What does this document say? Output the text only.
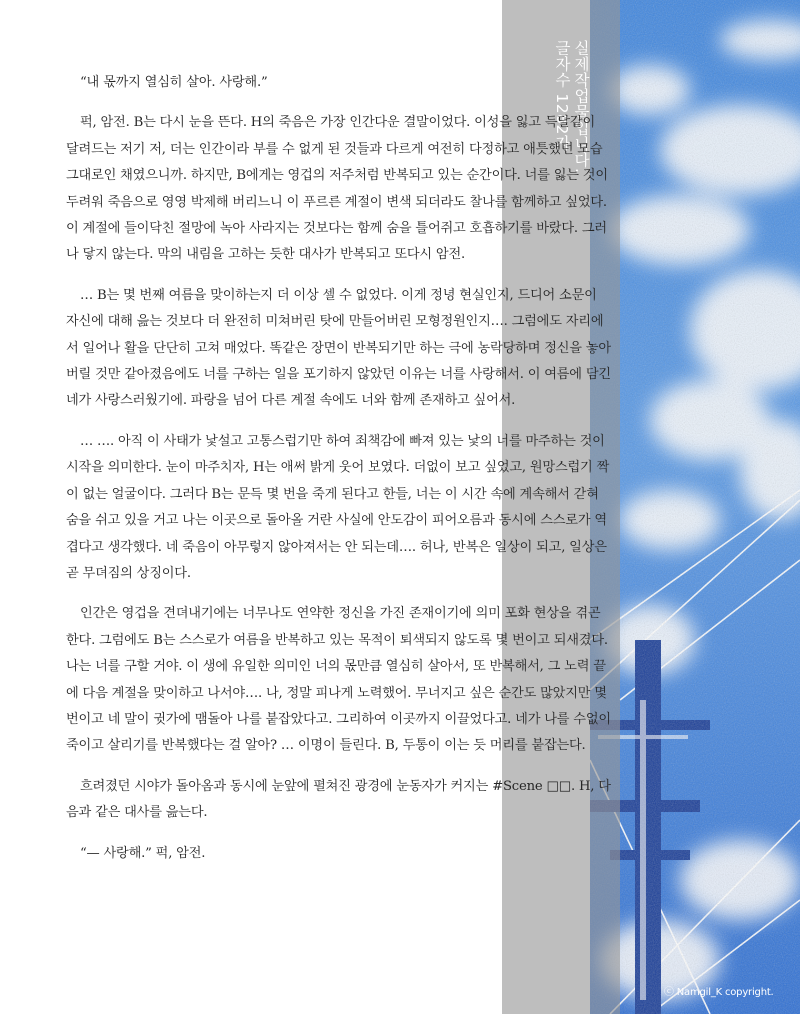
실제작업물입니다.
글자수 1282자

“내 몫까지 열심히 살아. 사랑해.”

퍽, 암전. B는 다시 눈을 뜬다. H의 죽음은 가장 인간다운 결말이었다. 이성을 잃고 득달같이 달려드는 저기 저, 더는 인간이라 부를 수 없게 된 것들과 다르게 여전히 다정하고 애틋했던 모습 그대로인 채였으니까. 하지만, B에게는 영겁의 저주처럼 반복되고 있는 순간이다. 너를 잃는 것이 두려워 죽음으로 영영 박제해 버리느니 이 푸르른 계절이 변색 되더라도 찰나를 함께하고 싶었다. 이 계절에 들이닥친 절망에 녹아 사라지는 것보다는 함께 숨을 틀어쥐고 호흡하기를 바랐다. 그러나 닿지 않는다. 막의 내림을 고하는 듯한 대사가 반복되고 또다시 암전.

… B는 몇 번째 여름을 맞이하는지 더 이상 셀 수 없었다. 이게 정녕 현실인지, 드디어 소문이 자신에 대해 읊는 것보다 더 완전히 미쳐버린 탓에 만들어버린 모형정원인지…. 그럼에도 자리에서 일어나 활을 단단히 고쳐 매었다. 똑같은 장면이 반복되기만 하는 극에 농락당하며 정신을 놓아버릴 것만 같아졌음에도 너를 구하는 일을 포기하지 않았던 이유는 너를 사랑해서. 이 여름에 담긴 네가 사랑스러웠기에. 파랑을 넘어 다른 계절 속에도 너와 함께 존재하고 싶어서.

… …. 아직 이 사태가 낯설고 고통스럽기만 하여 죄책감에 빠져 있는 낯의 너를 마주하는 것이 시작을 의미한다. 눈이 마주치자, H는 애써 밝게 웃어 보였다. 더없이 보고 싶었고, 원망스럽기 짝이 없는 얼굴이다. 그러다 B는 문득 몇 번을 죽게 된다고 한들, 너는 이 시간 속에 계속해서 갇혀 숨을 쉬고 있을 거고 나는 이곳으로 돌아올 거란 사실에 안도감이 피어오름과 동시에 스스로가 역겹다고 생각했다. 네 죽음이 아무렇지 않아져서는 안 되는데…. 허나, 반복은 일상이 되고, 일상은 곧 무뎌짐의 상징이다.

인간은 영겁을 견뎌내기에는 너무나도 연약한 정신을 가진 존재이기에 의미 포화 현상을 겪곤 한다. 그럼에도 B는 스스로가 여름을 반복하고 있는 목적이 퇴색되지 않도록 몇 번이고 되새겼다. 나는 너를 구할 거야. 이 생에 유일한 의미인 너의 몫만큼 열심히 살아서, 또 반복해서, 그 노력 끝에 다음 계절을 맞이하고 나서야…. 나, 정말 피나게 노력했어. 무너지고 싶은 순간도 많았지만 몇 번이고 네 말이 귓가에 맴돌아 나를 붙잡았다고. 그리하여 이곳까지 이끌었다고. 네가 나를 수없이 죽이고 살리기를 반복했다는 걸 알아? … 이명이 들린다. B, 두통이 이는 듯 머리를 붙잡는다.

흐려졌던 시야가 돌아옴과 동시에 눈앞에 펼쳐진 광경에 눈동자가 커지는 #Scene □□. H, 다음과 같은 대사를 읊는다.

“— 사랑해.” 퍽, 암전.

ⓒ Namgil_K copyright.
